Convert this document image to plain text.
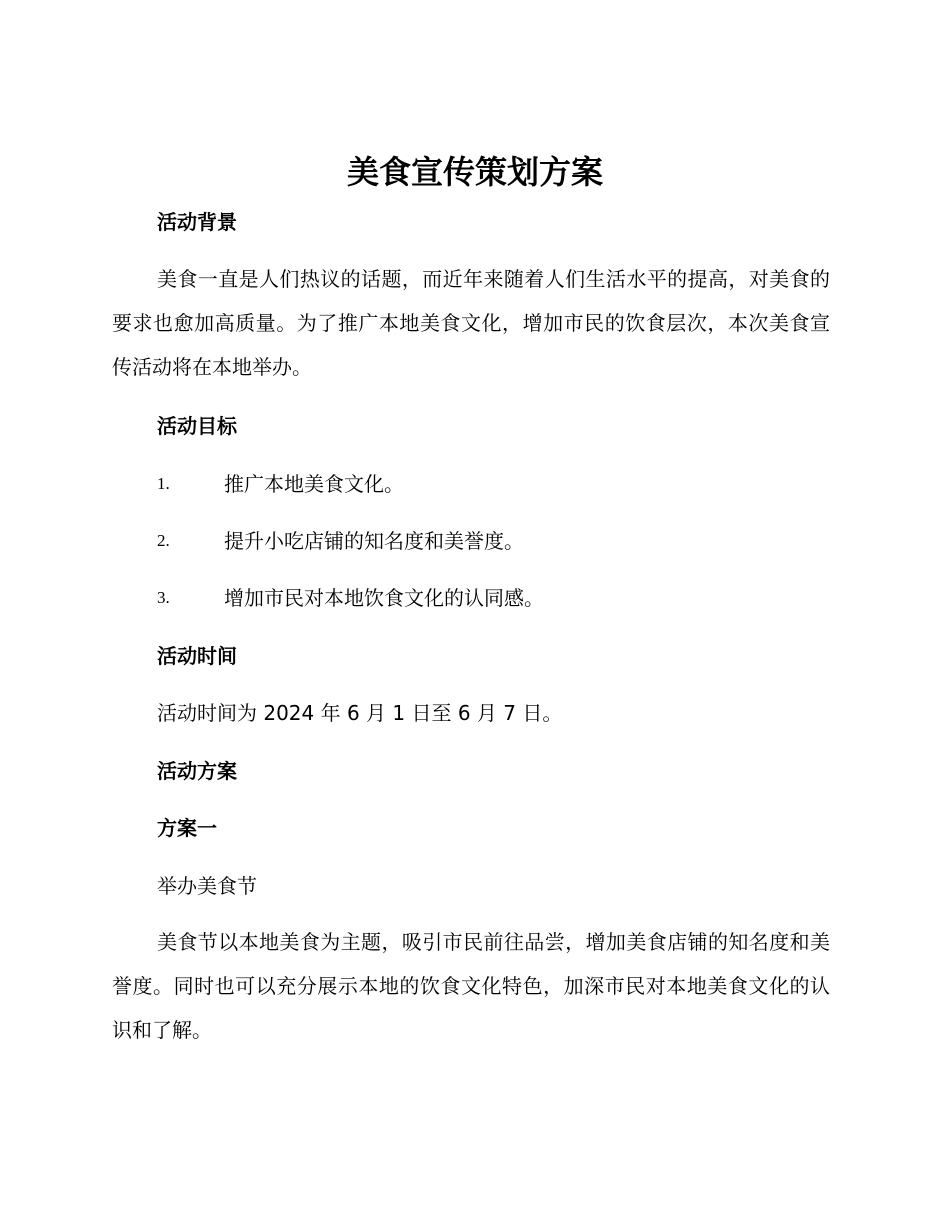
美食宣传策划方案
活动背景

美食一直是人们热议的话题，而近年来随着人们生活水平的提高，对美食的要求也愈加高质量。为了推广本地美食文化，增加市民的饮食层次，本次美食宣传活动将在本地举办。

活动目标
1.	推广本地美食文化。
2.	提升小吃店铺的知名度和美誉度。
3.	增加市民对本地饮食文化的认同感。
活动时间

活动时间为 2024 年 6 月 1 日至 6 月 7 日。

活动方案
方案一

举办美食节

美食节以本地美食为主题，吸引市民前往品尝，增加美食店铺的知名度和美誉度。同时也可以充分展示本地的饮食文化特色，加深市民对本地美食文化的认识和了解。
